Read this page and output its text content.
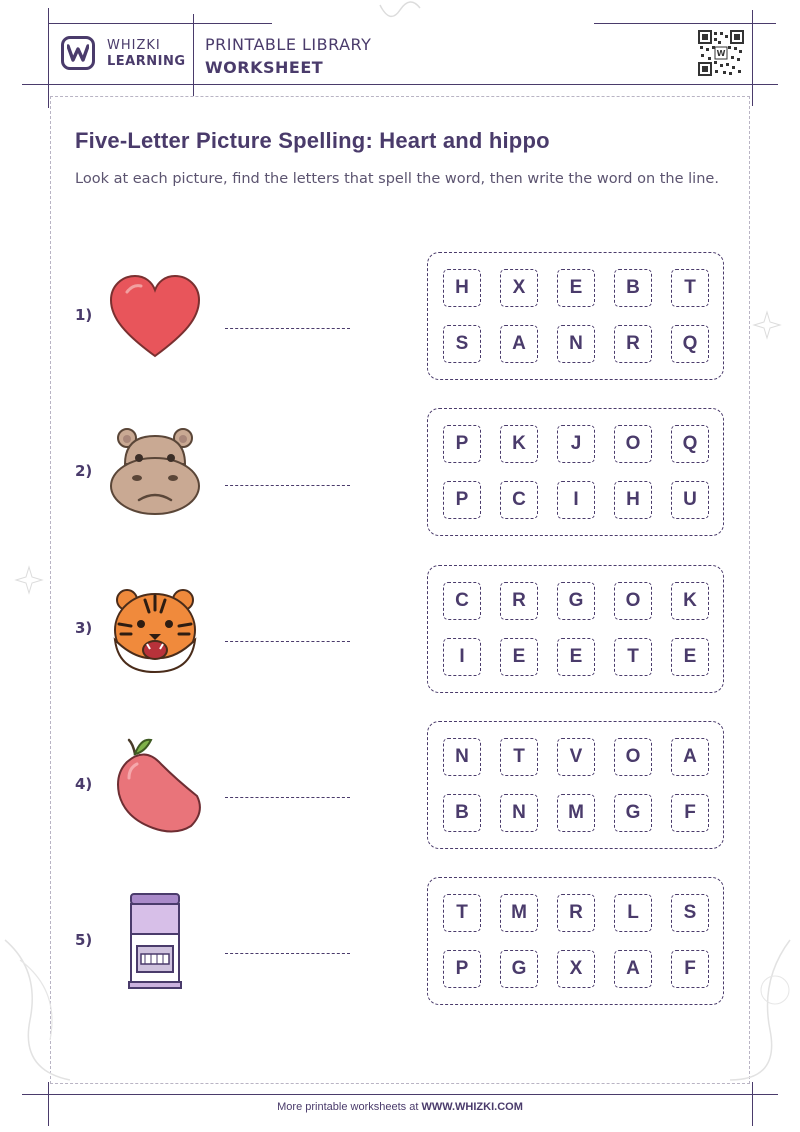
WHIZKI
LEARNING
PRINTABLE LIBRARY
WORKSHEET
W
Five-Letter Picture Spelling: Heart and hippo
Look at each picture, find the letters that spell the word, then write the word on the line.
1)
H	X	E	B	T
S	A	N	R	Q
2)
P	K	J	O	Q
P	C	I	H	U
3)
C	R	G	O	K
I	E	E	T	E
4)
N	T	V	O	A
B	N	M	G	F
5)
T	M	R	L	S
P	G	X	A	F
More printable worksheets at WWW.WHIZKI.COM
